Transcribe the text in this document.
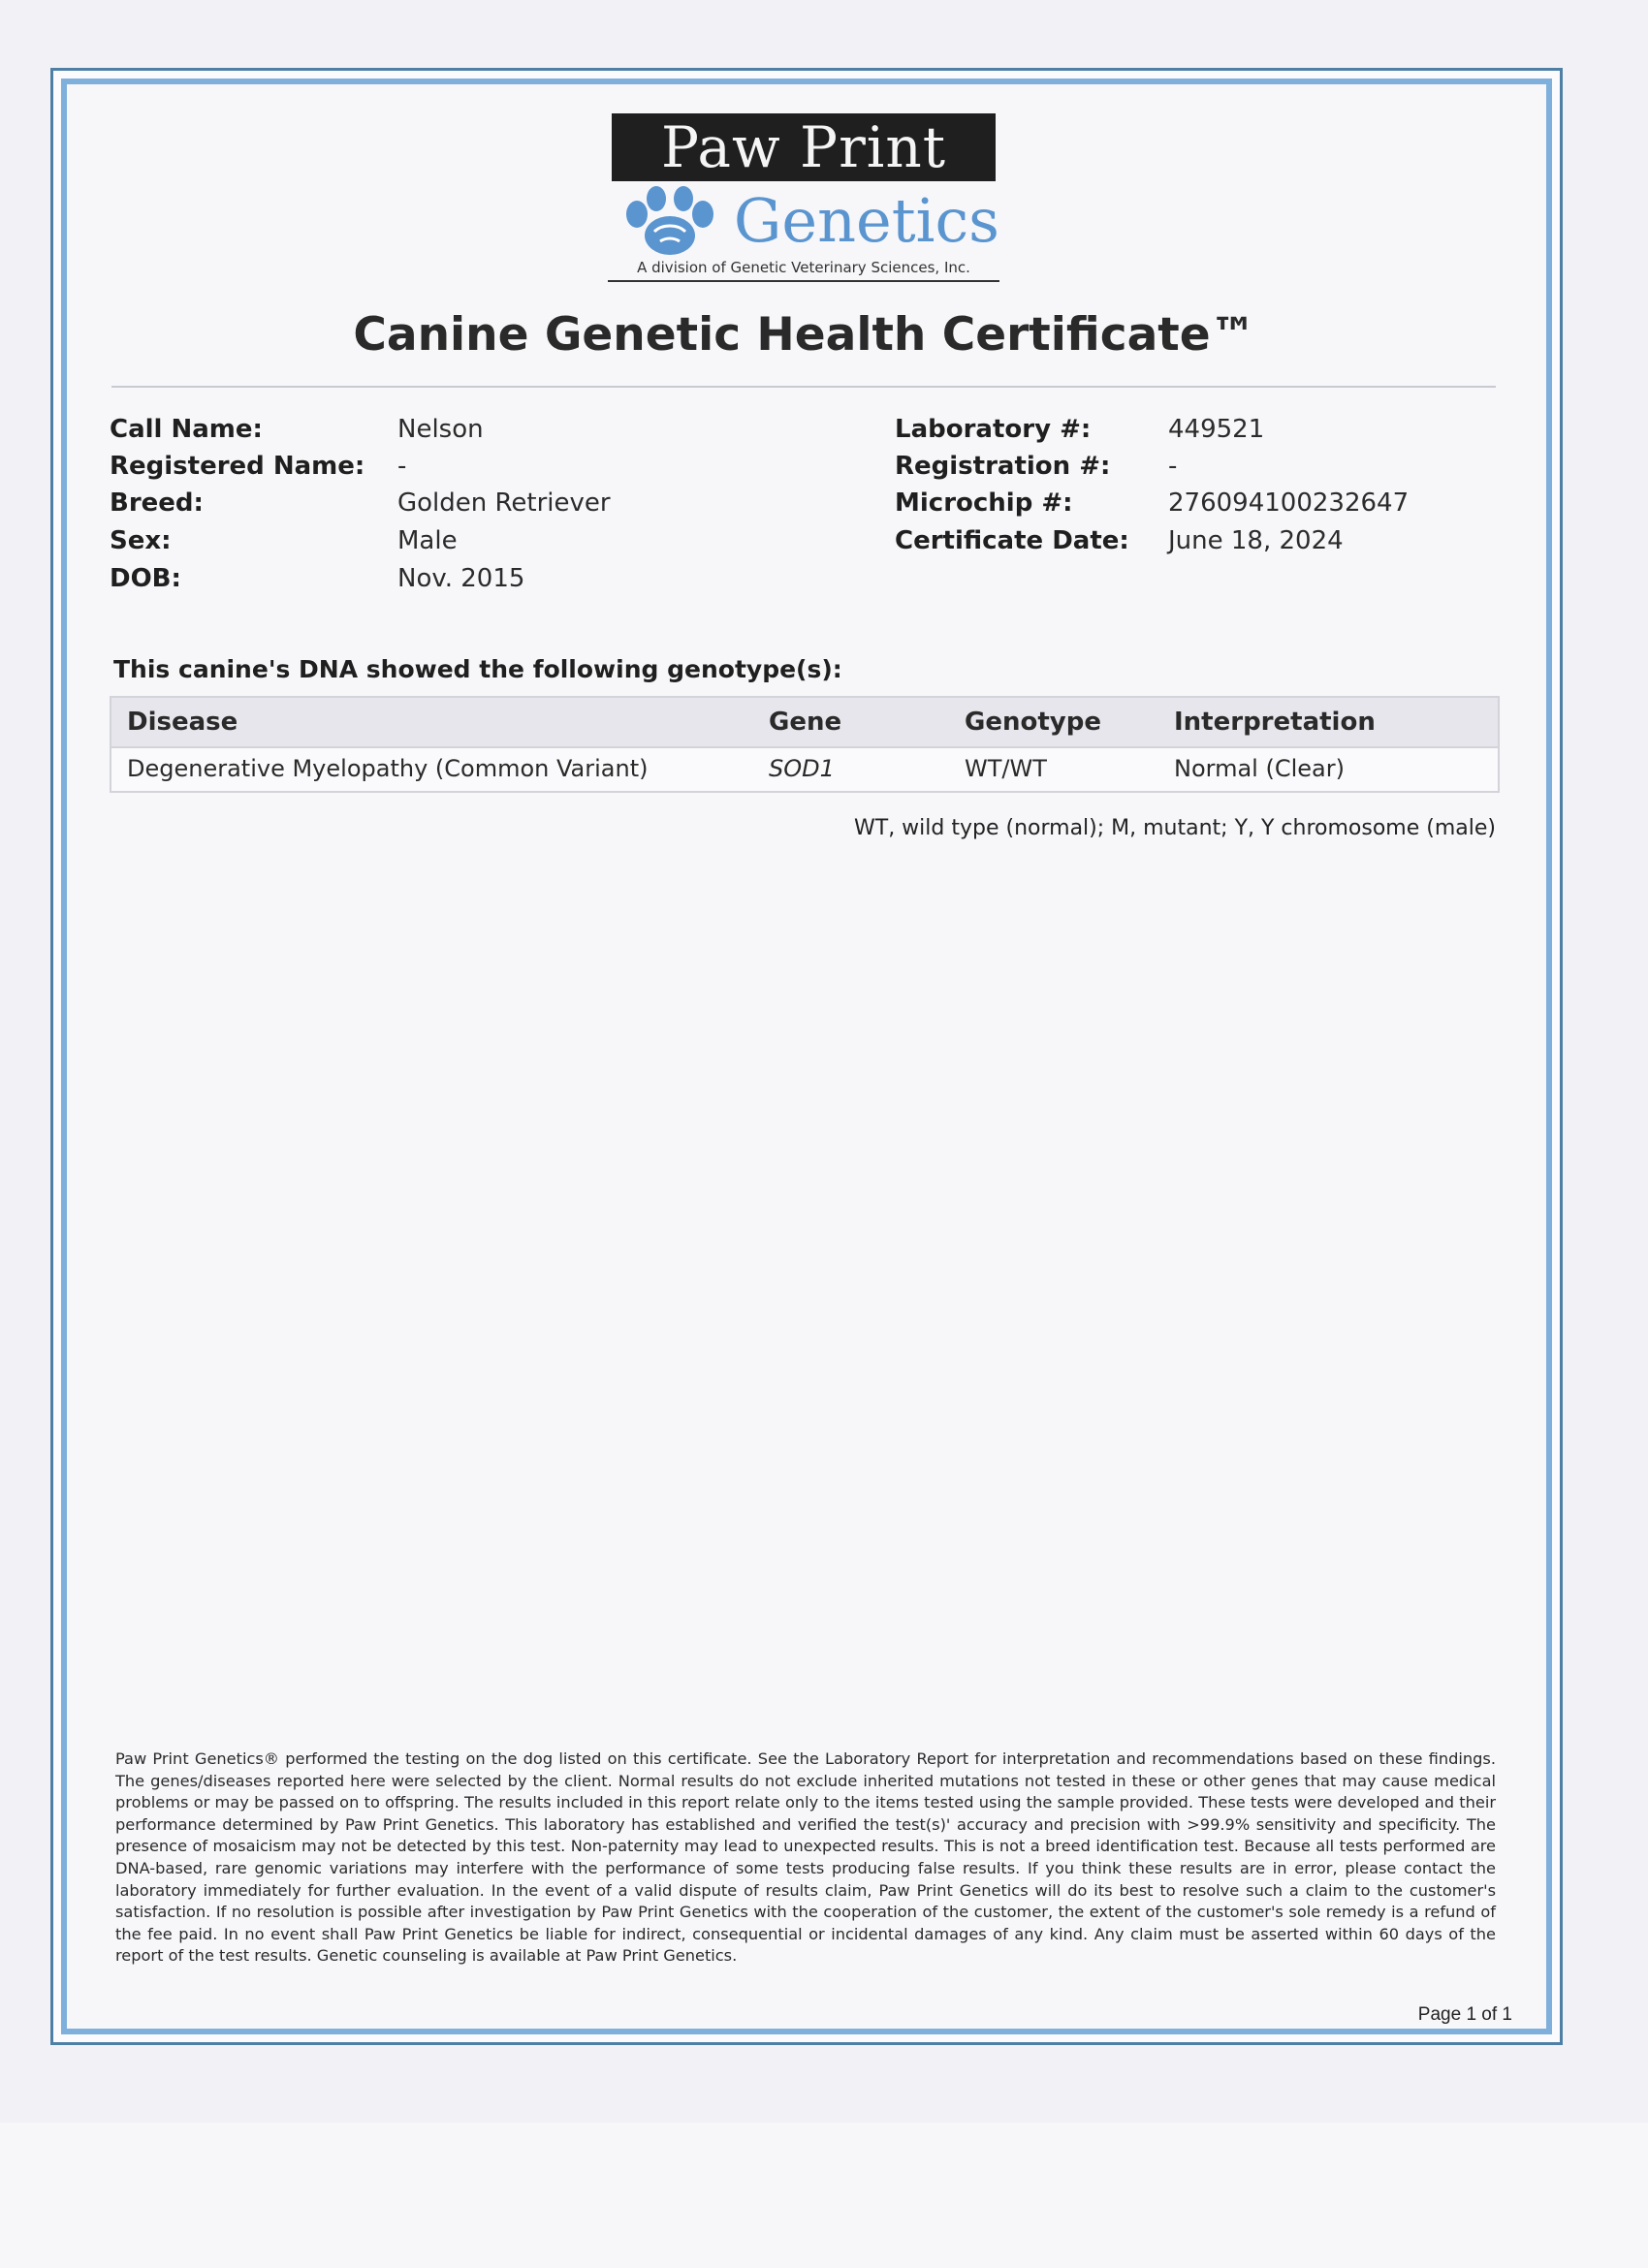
Paw Print
Genetics
A division of Genetic Veterinary Sciences, Inc.
Canine Genetic Health Certificate™
Call Name:	Nelson
Registered Name: -
Breed:	Golden Retriever
Sex:	Male
DOB:	Nov. 2015
Laboratory #:	449521
Registration #: -
Microchip #:	276094100232647
Certificate Date: June 18, 2024
This canine's DNA showed the following genotype(s):
Disease	Gene	Genotype	Interpretation
Degenerative Myelopathy (Common Variant)	SOD1	WT/WT	Normal (Clear)
WT, wild type (normal); M, mutant; Y, Y chromosome (male)
Paw Print Genetics® performed the testing on the dog listed on this certificate. See the Laboratory Report for interpretation and recommendations based on these findings. The genes/diseases reported here were selected by the client. Normal results do not exclude inherited mutations not tested in these or other genes that may cause medical problems or may be passed on to offspring. The results included in this report relate only to the items tested using the sample provided. These tests were developed and their performance determined by Paw Print Genetics. This laboratory has established and verified the test(s)' accuracy and precision with >99.9% sensitivity and specificity. The presence of mosaicism may not be detected by this test. Non-paternity may lead to unexpected results. This is not a breed identification test. Because all tests performed are DNA-based, rare genomic variations may interfere with the performance of some tests producing false results. If you think these results are in error, please contact the laboratory immediately for further evaluation. In the event of a valid dispute of results claim, Paw Print Genetics will do its best to resolve such a claim to the customer's satisfaction. If no resolution is possible after investigation by Paw Print Genetics with the cooperation of the customer, the extent of the customer's sole remedy is a refund of the fee paid. In no event shall Paw Print Genetics be liable for indirect, consequential or incidental damages of any kind. Any claim must be asserted within 60 days of the report of the test results. Genetic counseling is available at Paw Print Genetics.
Page 1 of 1
